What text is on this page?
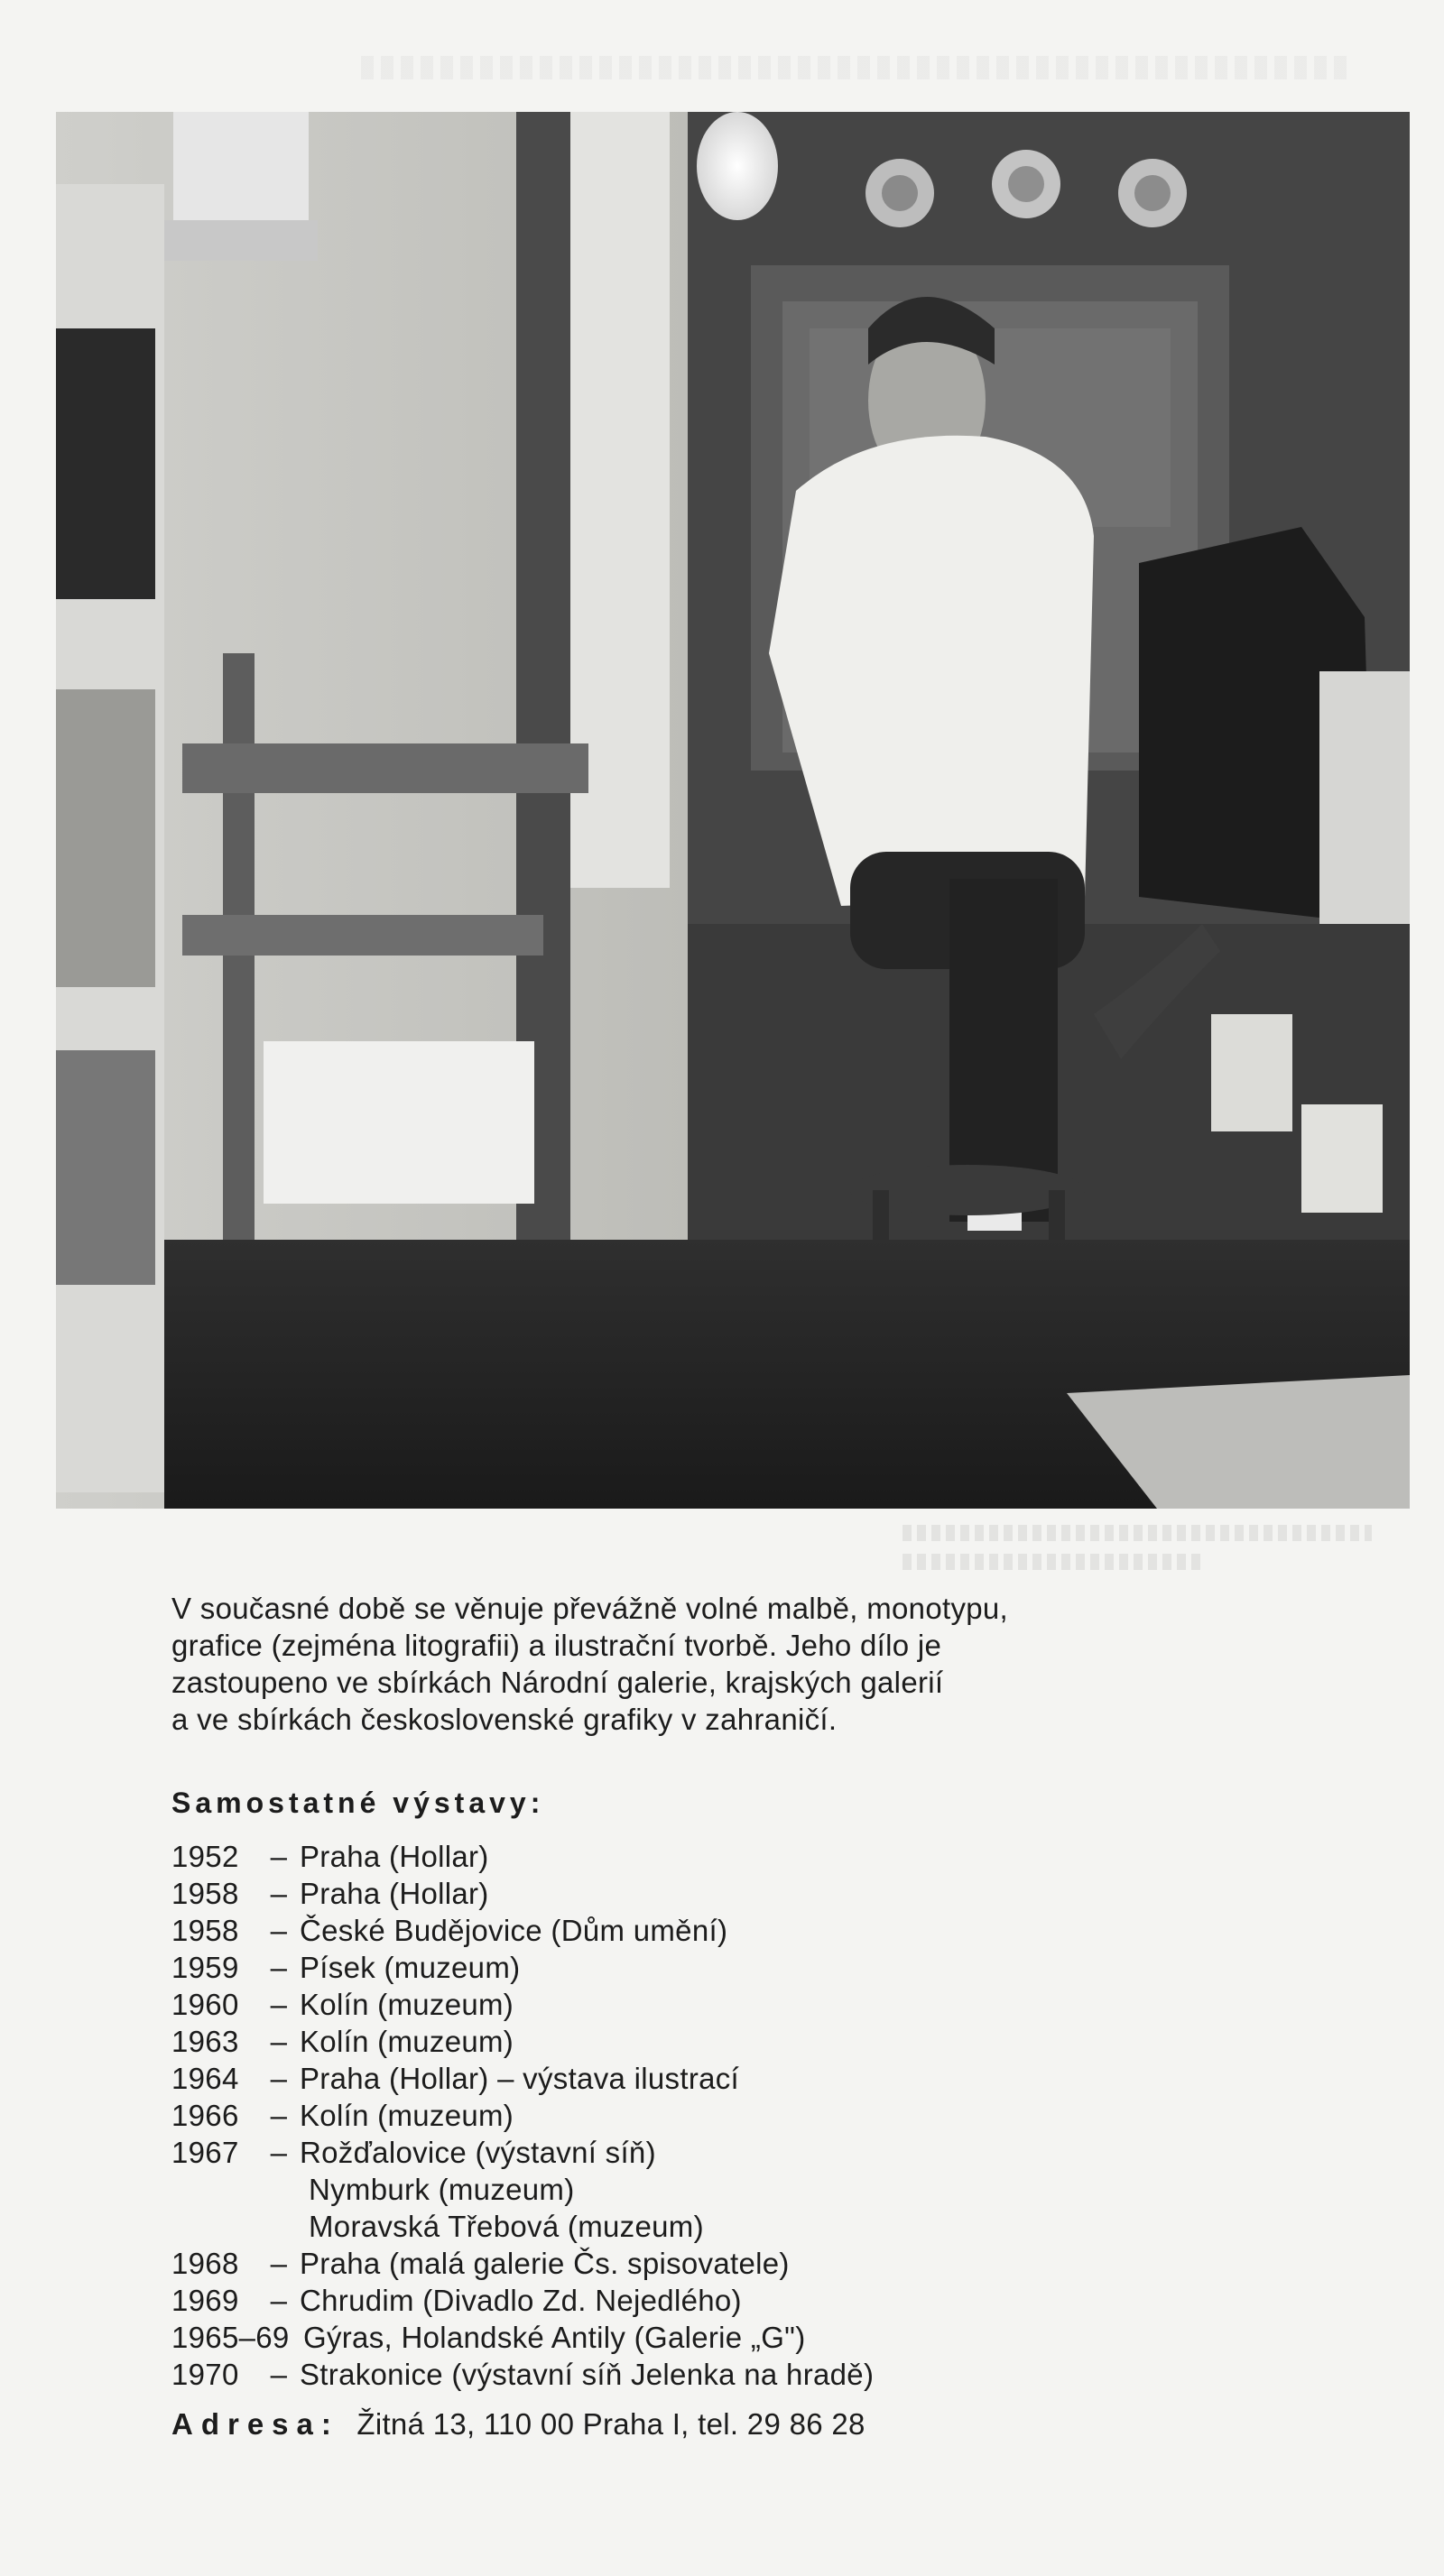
V současné době se věnuje převážně volné malbě, monotypu,

grafice (zejména litografii) a ilustrační tvorbě. Jeho dílo je

zastoupeno ve sbírkách Národní galerie, krajských galerií

a ve sbírkách československé grafiky v zahraničí.

Samostatné výstavy:
1952	– Praha (Hollar)
1958	– Praha (Hollar)
1958	– České Budějovice (Dům umění)
1959	– Písek (muzeum)
1960	– Kolín (muzeum)
1963	– Kolín (muzeum)
1964	– Praha (Hollar) – výstava ilustrací
1966	– Kolín (muzeum)
1967	– Rožďalovice (výstavní síň)
Nymburk (muzeum)
Moravská Třebová (muzeum)
1968	– Praha (malá galerie Čs. spisovatele)
1969	– Chrudim (Divadlo Zd. Nejedlého)
1965–69 Gýras, Holandské Antily (Galerie „G")
1970	– Strakonice (výstavní síň Jelenka na hradě)
Adresa: Žitná 13, 110 00 Praha I, tel. 29 86 28
